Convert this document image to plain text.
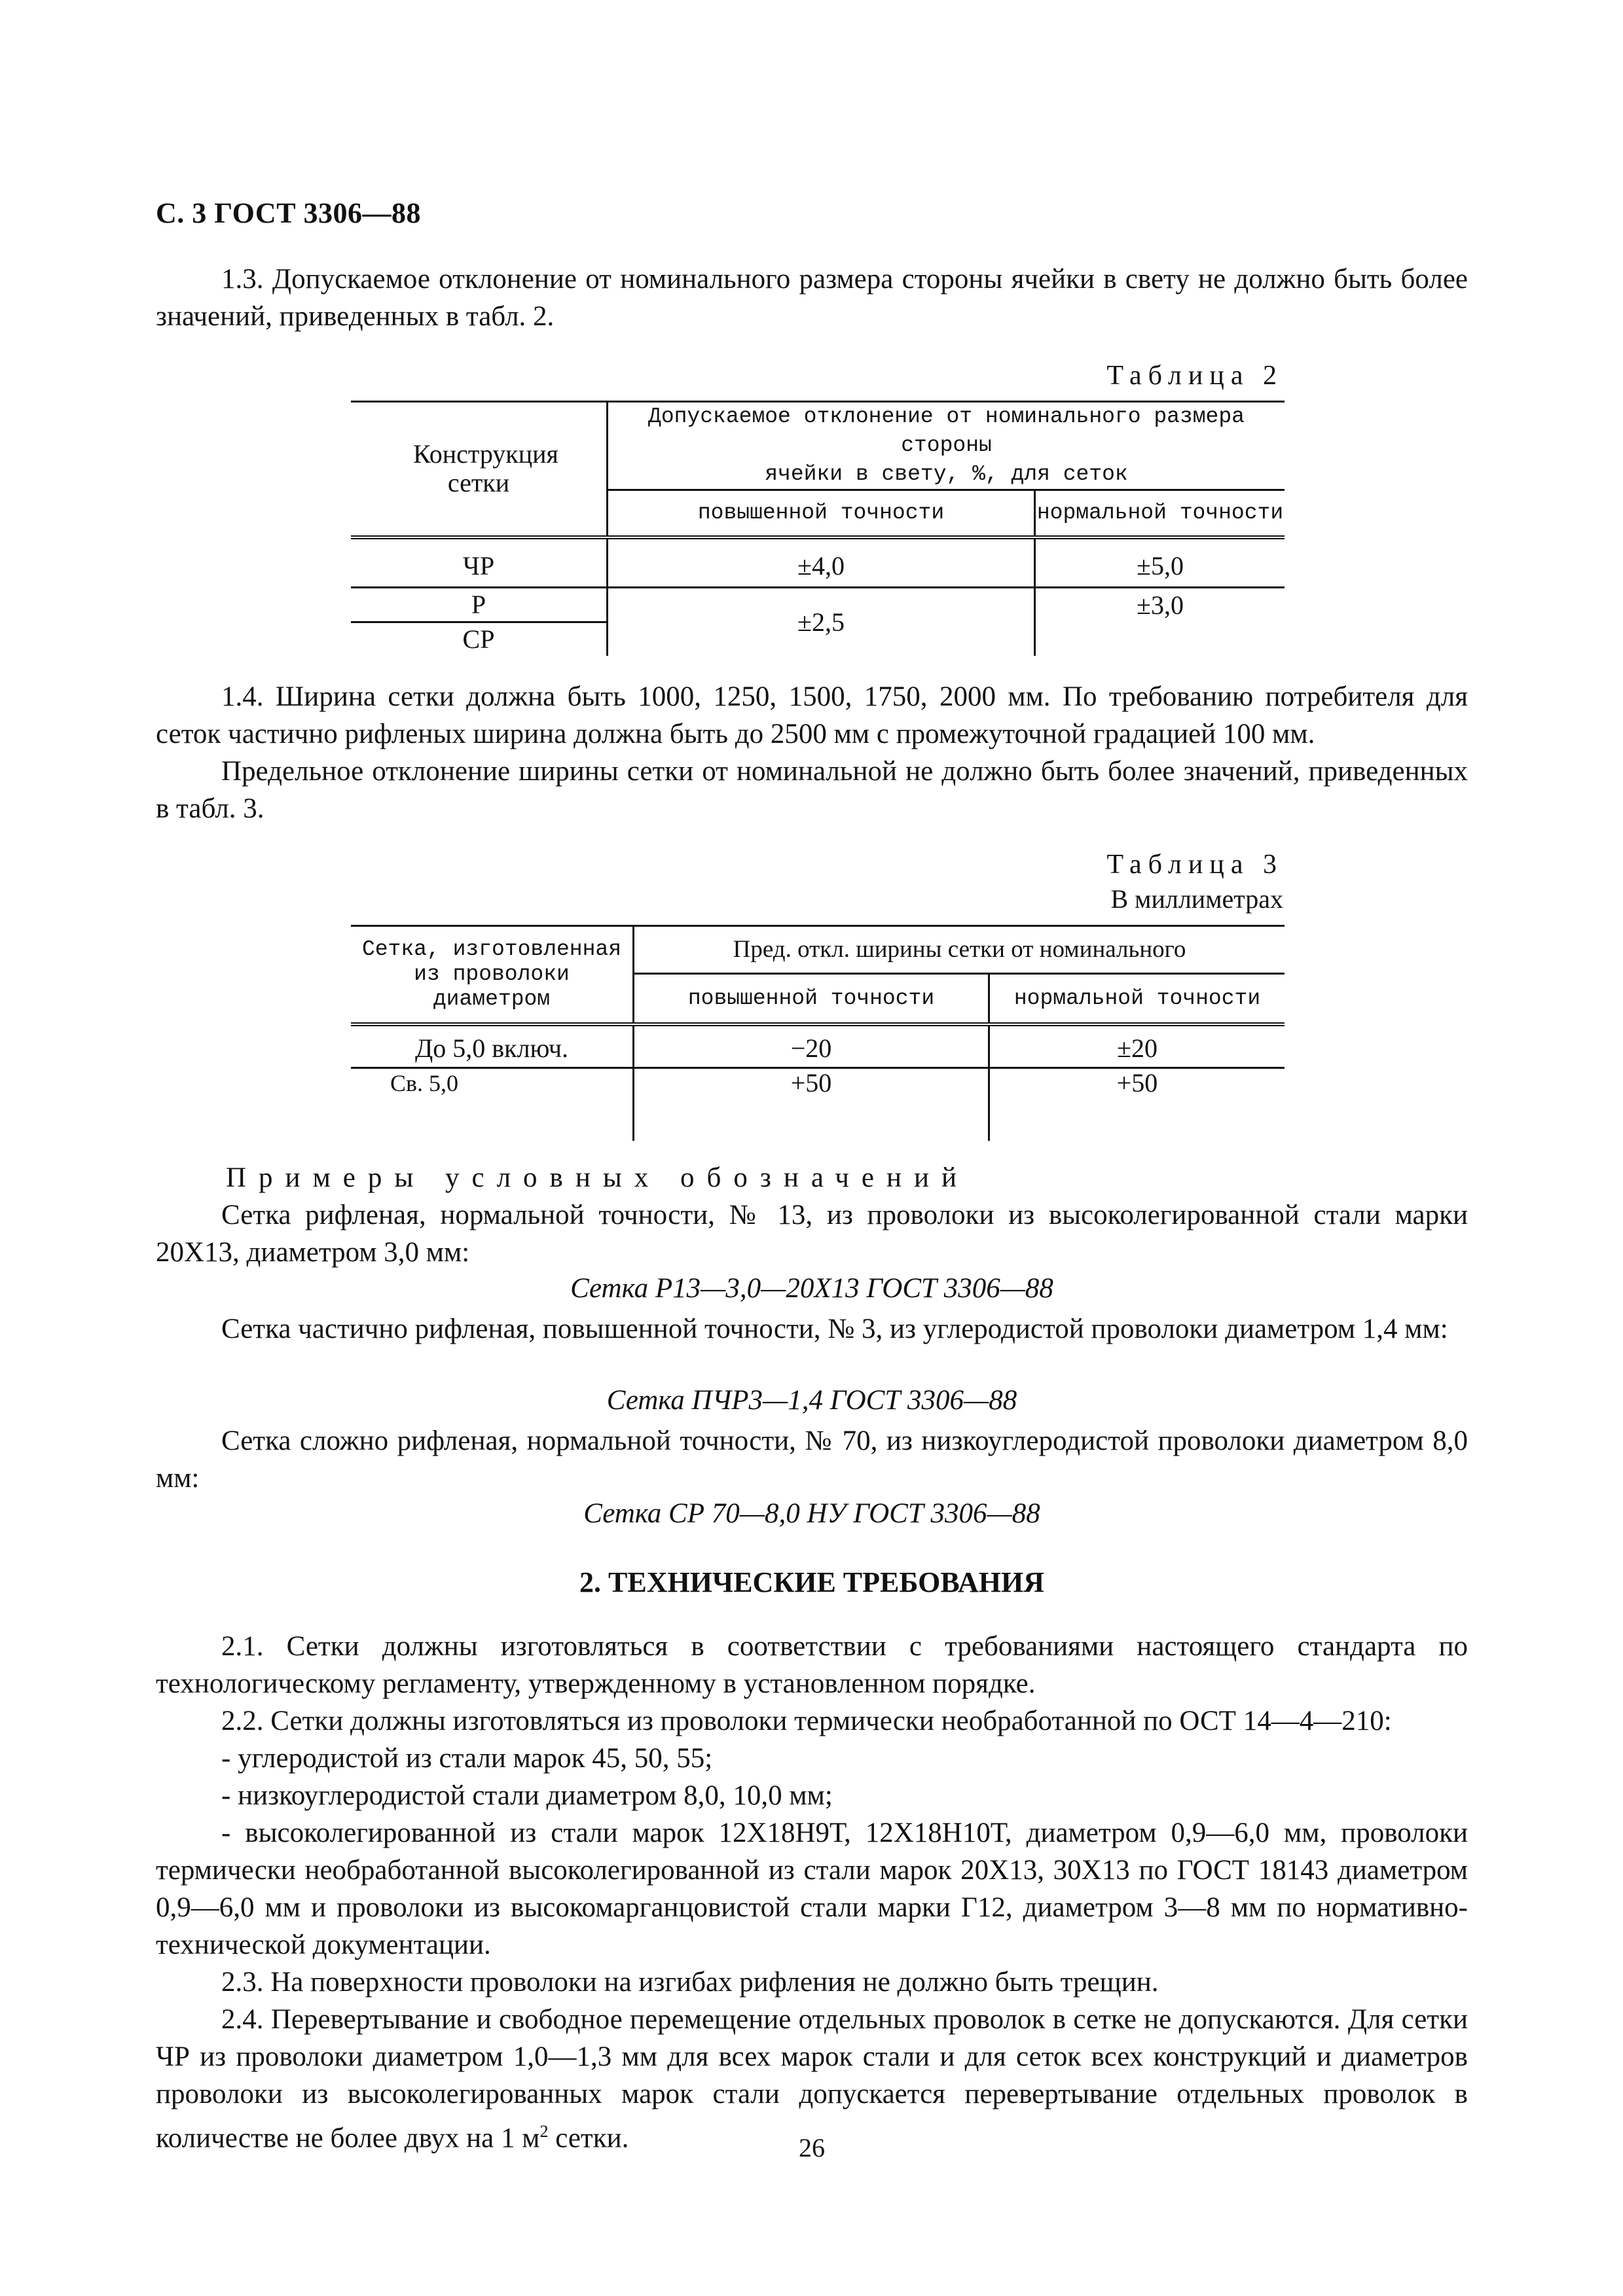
С. 3 ГОСТ 3306—88
1.3. Допускаемое отклонение от номинального размера стороны ячейки в свету не должно быть более значений, приведенных в табл. 2.
Таблица 2
Конструкция сетки	Допускаемое отклонение от номинального размера стороны
ячейки в свету, %, для сеток	

	повышенной точности	нормальной точности
ЧР	±4,0	±5,0
Р	±2,5	±3,0
СР		
1.4. Ширина сетки должна быть 1000, 1250, 1500, 1750, 2000 мм. По требованию потребителя для сеток частично рифленых ширина должна быть до 2500 мм с промежуточной градацией 100 мм.
Предельное отклонение ширины сетки от номинальной не должно быть более значений, приведенных в табл. 3.
Таблица 3
В миллиметрах
Сетка, изготовленная
из проволоки
диаметром	Пред. откл. ширины сетки от номинального	
	повышенной точности	нормальной точности
До 5,0 включ.	−20	±20
Св. 5,0	+50	+50
Примеры условных обозначений
Сетка рифленая, нормальной точности, № 13, из проволоки из высоколегированной стали марки 20Х13, диаметром 3,0 мм:
Сетка Р13—3,0—20Х13 ГОСТ 3306—88
Сетка частично рифленая, повышенной точности, № 3, из углеродистой проволоки диаметром 1,4 мм:
Сетка ПЧР3—1,4 ГОСТ 3306—88
Сетка сложно рифленая, нормальной точности, № 70, из низкоуглеродистой проволоки диаметром 8,0 мм:
Сетка СР 70—8,0 НУ ГОСТ 3306—88
2. ТЕХНИЧЕСКИЕ ТРЕБОВАНИЯ
2.1. Сетки должны изготовляться в соответствии с требованиями настоящего стандарта по технологическому регламенту, утвержденному в установленном порядке.
2.2. Сетки должны изготовляться из проволоки термически необработанной по ОСТ 14—4—210:
- углеродистой из стали марок 45, 50, 55;
- низкоуглеродистой стали диаметром 8,0, 10,0 мм;
- высоколегированной из стали марок 12Х18Н9Т, 12Х18Н10Т, диаметром 0,9—6,0 мм, проволоки термически необработанной высоколегированной из стали марок 20Х13, 30Х13 по ГОСТ 18143 диаметром 0,9—6,0 мм и проволоки из высокомарганцовистой стали марки Г12, диаметром 3—8 мм по нормативно-технической документации.
2.3. На поверхности проволоки на изгибах рифления не должно быть трещин.
2.4. Перевертывание и свободное перемещение отдельных проволок в сетке не допускаются. Для сетки ЧР из проволоки диаметром 1,0—1,3 мм для всех марок стали и для сеток всех конструкций и диаметров проволоки из высоколегированных марок стали допускается перевертывание отдельных проволок в количестве не более двух на 1 $м^2$ сетки.	26
